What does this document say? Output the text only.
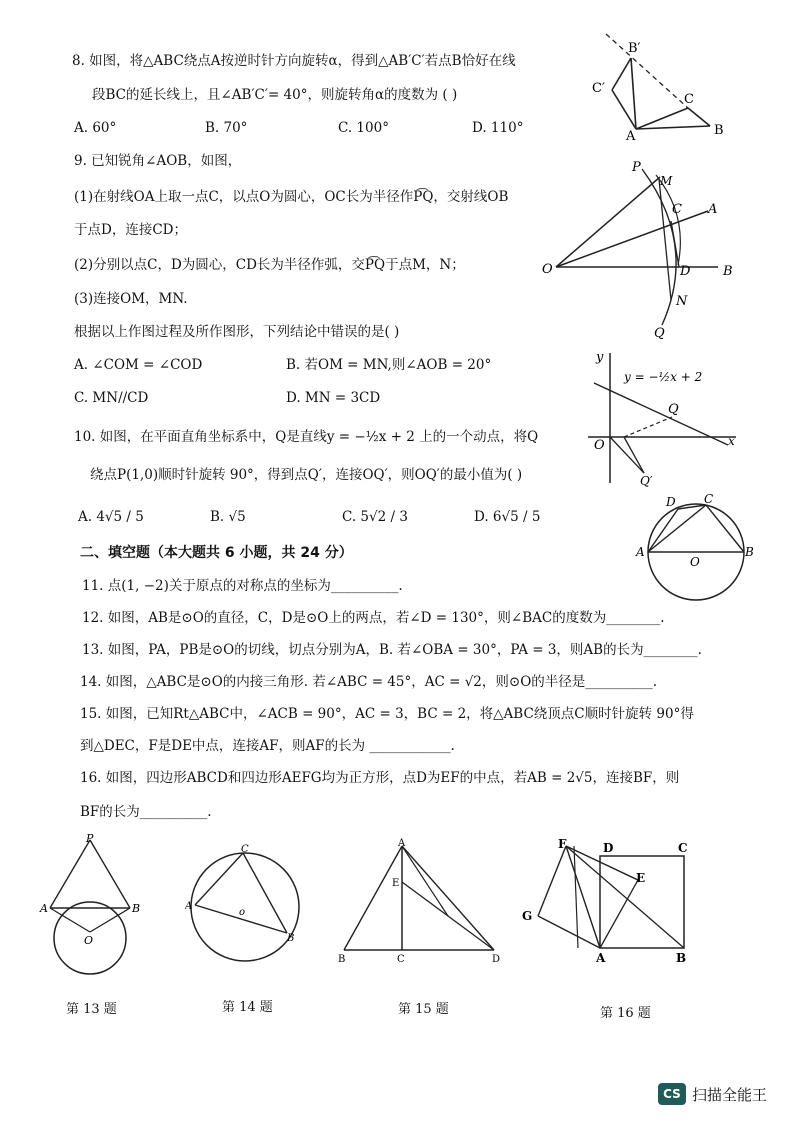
8. 如图，将△ABC绕点A按逆时针方向旋转α，得到△AB′C′若点B恰好在线
段BC的延长线上，且∠AB′C′= 40°，则旋转角α的度数为 ( )
A. 60°	B. 70°	C. 100°	D. 110°
B′
C′
C
A	B
9. 已知锐角∠AOB，如图，
(1)在射线OA上取一点C，以点O为圆心，OC长为半径作P͡Q，交射线OB
于点D，连接CD；
(2)分别以点C，D为圆心，CD长为半径作弧，交P͡Q于点M，N；
(3)连接OM，MN.
根据以上作图过程及所作图形，下列结论中错误的是( )
A. ∠COM = ∠COD	B. 若OM = MN,则∠AOB = 20°
C. MN//CD	D. MN = 3CD
P
M
C A
O	D	B
N
Q
10. 如图，在平面直角坐标系中，Q是直线y = −½x + 2 上的一个动点，将Q
绕点P(1,0)顺时针旋转 90°，得到点Q′，连接OQ′，则OQ′的最小值为( )
A. 4√5 / 5	B. √5	C. 5√2 / 3	D. 6√5 / 5
y
y = −½x + 2
Q
O	x
Q′
D C
A
O
B
二、填空题（本大题共 6 小题，共 24 分）
11. 点(1, −2)关于原点的对称点的坐标为__________.
12. 如图，AB是⊙O的直径，C，D是⊙O上的两点，若∠D = 130°，则∠BAC的度数为________.
13. 如图，PA，PB是⊙O的切线，切点分别为A，B. 若∠OBA = 30°，PA = 3，则AB的长为________.
14. 如图，△ABC是⊙O的内接三角形. 若∠ABC = 45°，AC = √2，则⊙O的半径是__________.
15. 如图，已知Rt△ABC中，∠ACB = 90°，AC = 3，BC = 2，将△ABC绕顶点C顺时针旋转 90°得
到△DEC，F是DE中点，连接AF，则AF的长为 ____________.
16. 如图，四边形ABCD和四边形AEFG均为正方形，点D为EF的中点，若AB = 2√5，连接BF，则
BF的长为__________.
P
A	B
O
C
A
o
B
A
E
B	C	D
F	D	C
E
G
A	B
第 13 题	第 14 题	第 15 题	第 16 题
CS 扫描全能王
